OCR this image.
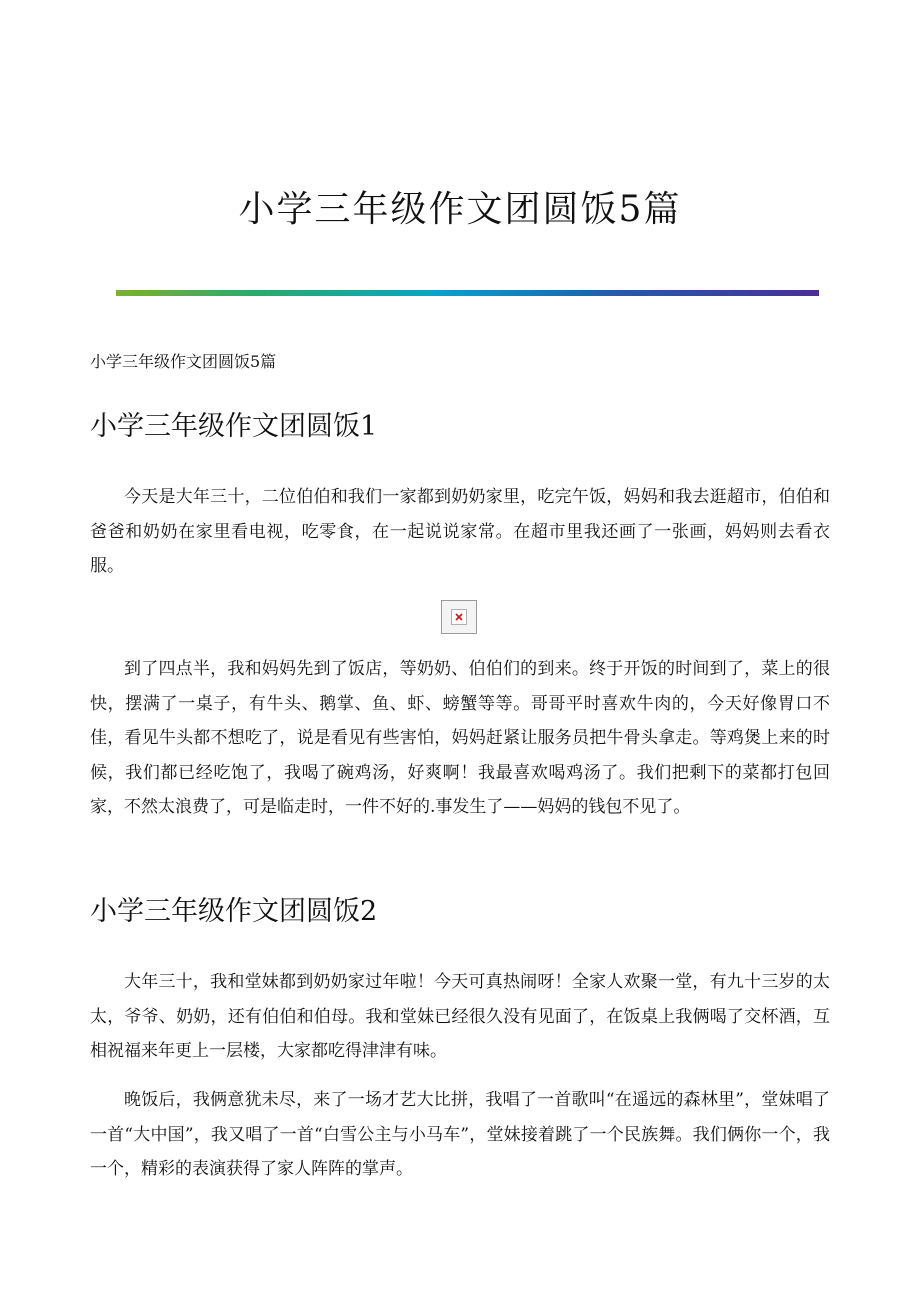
小学三年级作文团圆饭5篇

小学三年级作文团圆饭5篇

小学三年级作文团圆饭1

今天是大年三十，二位伯伯和我们一家都到奶奶家里，吃完午饭，妈妈和我去逛超市，伯伯和爸爸和奶奶在家里看电视，吃零食，在一起说说家常。在超市里我还画了一张画，妈妈则去看衣服。

到了四点半，我和妈妈先到了饭店，等奶奶、伯伯们的到来。终于开饭的时间到了，菜上的很快，摆满了一桌子，有牛头、鹅掌、鱼、虾、螃蟹等等。哥哥平时喜欢牛肉的，今天好像胃口不佳，看见牛头都不想吃了，说是看见有些害怕，妈妈赶紧让服务员把牛骨头拿走。等鸡煲上来的时候，我们都已经吃饱了，我喝了碗鸡汤，好爽啊！我最喜欢喝鸡汤了。我们把剩下的菜都打包回家，不然太浪费了，可是临走时，一件不好的.事发生了——妈妈的钱包不见了。

小学三年级作文团圆饭2

大年三十，我和堂妹都到奶奶家过年啦！今天可真热闹呀！全家人欢聚一堂，有九十三岁的太太，爷爷、奶奶，还有伯伯和伯母。我和堂妹已经很久没有见面了，在饭桌上我俩喝了交杯酒，互相祝福来年更上一层楼，大家都吃得津津有味。

晚饭后，我俩意犹未尽，来了一场才艺大比拼，我唱了一首歌叫“在遥远的森林里”，堂妹唱了一首“大中国”，我又唱了一首“白雪公主与小马车”，堂妹接着跳了一个民族舞。我们俩你一个，我一个，精彩的表演获得了家人阵阵的掌声。
